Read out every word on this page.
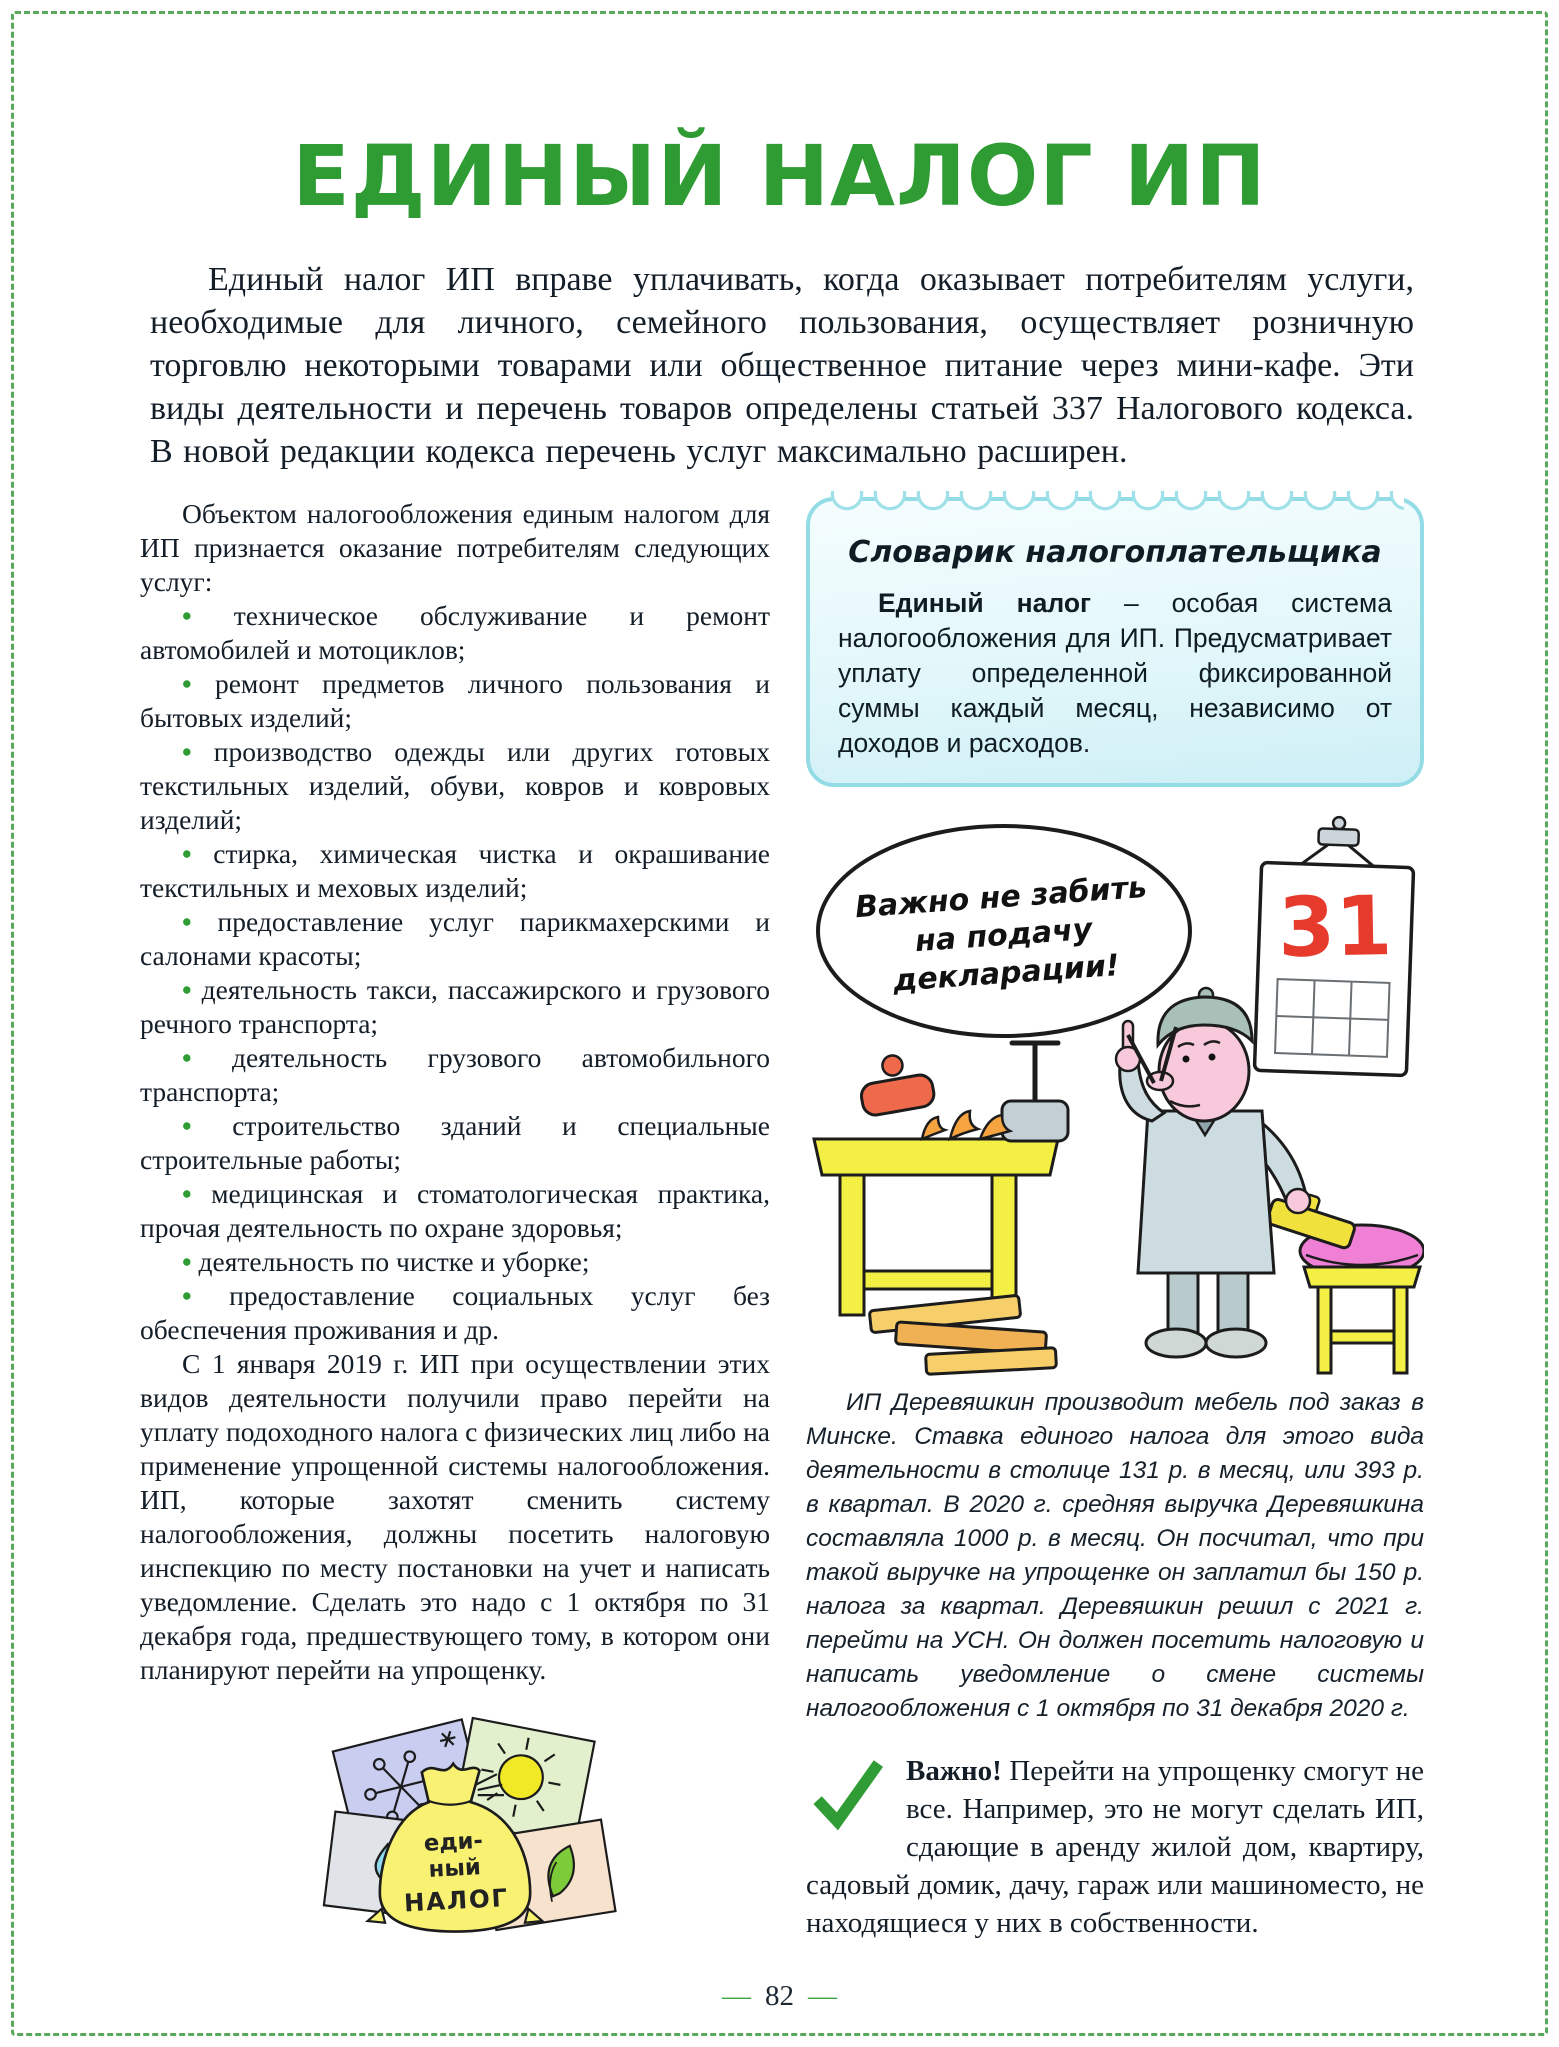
ЕДИНЫЙ НАЛОГ ИП

Единый налог ИП вправе уплачивать, когда оказывает потребителям услуги, необходимые для личного, семейного пользования, осуществляет розничную торговлю некоторыми товарами или общественное питание через мини-кафе. Эти виды деятельности и перечень товаров определены статьей 337 Налогового кодекса. В новой редакции кодекса перечень услуг максимально расширен.

Объектом налогообложения единым налогом для ИП признается оказание потребителям следующих услуг:

• техническое обслуживание и ремонт автомобилей и мотоциклов;

• ремонт предметов личного пользования и бытовых изделий;

• производство одежды или других готовых текстильных изделий, обуви, ковров и ковровых изделий;

• стирка, химическая чистка и окрашивание текстильных и меховых изделий;

• предоставление услуг парикмахерскими и салонами красоты;

• деятельность такси, пассажирского и грузового речного транспорта;

• деятельность грузового автомобильного транспорта;

• строительство зданий и специальные строительные работы;

• медицинская и стоматологическая практика, прочая деятельность по охране здоровья;

• деятельность по чистке и уборке;

• предоставление социальных услуг без обеспечения проживания и др.

С 1 января 2019 г. ИП при осуществлении этих видов деятельности получили право перейти на уплату подоходного налога с физических лиц либо на применение упрощенной системы налогообложения. ИП, которые захотят сменить систему налогообложения, должны посетить налоговую инспекцию по месту постановки на учет и написать уведомление. Сделать это надо с 1 октября по 31 декабря года, предшествующего тому, в котором они планируют перейти на упрощенку.

еди-
ный
НАЛОГ
Словарик налогоплательщика

Единый налог – особая система налогообложения для ИП. Предусматривает уплату определенной фиксированной суммы каждый месяц, независимо от доходов и расходов.

31
Важно не забить
на подачу
декларации!

ИП Деревяшкин производит мебель под заказ в Минске. Ставка единого налога для этого вида деятельности в столице 131 р. в месяц, или 393 р. в квартал. В 2020 г. средняя выручка Деревяшкина составляла 1000 р. в месяц. Он посчитал, что при такой выручке на упрощенке он заплатил бы 150 р. налога за квартал. Деревяшкин решил с 2021 г. перейти на УСН. Он должен посетить налоговую и написать уведомление о смене системы налогообложения с 1 октября по 31 декабря 2020 г.

Важно! Перейти на упрощенку смогут не все. Например, это не могут сделать ИП, сдающие в аренду жилой дом, квартиру, садовый домик, дачу, гараж или машиноместо, не находящиеся у них в собственности.
— 82 —
